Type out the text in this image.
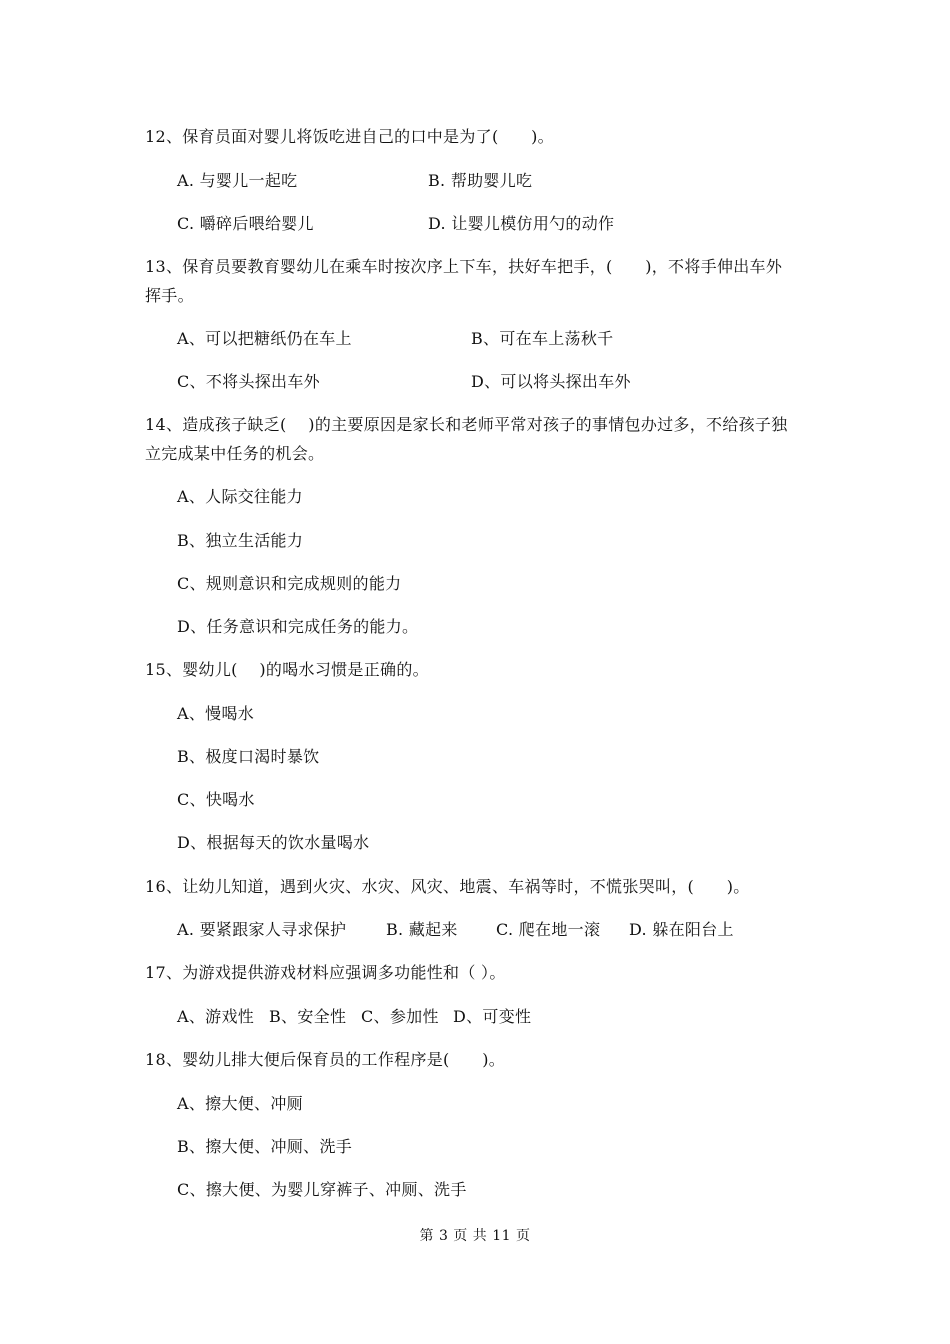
12、保育员面对婴儿将饭吃进自己的口中是为了(　　)。
A. 与婴儿一起吃	B. 帮助婴儿吃
C. 嚼碎后喂给婴儿	D. 让婴儿模仿用勺的动作
13、保育员要教育婴幼儿在乘车时按次序上下车，扶好车把手，(　　)，不将手伸出车外
挥手。
A、可以把糖纸仍在车上	B、可在车上荡秋千
C、不将头探出车外	D、可以将头探出车外
14、造成孩子缺乏(　 )的主要原因是家长和老师平常对孩子的事情包办过多，不给孩子独
立完成某中任务的机会。
A、人际交往能力
B、独立生活能力
C、规则意识和完成规则的能力
D、任务意识和完成任务的能力。
15、婴幼儿(　 )的喝水习惯是正确的。
A、慢喝水
B、极度口渴时暴饮
C、快喝水
D、根据每天的饮水量喝水
16、让幼儿知道，遇到火灾、水灾、风灾、地震、车祸等时，不慌张哭叫，(　　)。
A. 要紧跟家人寻求保护 B. 藏起来 C. 爬在地一滚 D. 躲在阳台上
17、为游戏提供游戏材料应强调多功能性和（ ）。
A、游戏性 B、安全性 C、参加性 D、可变性
18、婴幼儿排大便后保育员的工作程序是(　　)。
A、擦大便、冲厕
B、擦大便、冲厕、洗手
C、擦大便、为婴儿穿裤子、冲厕、洗手
第 3 页 共 11 页
